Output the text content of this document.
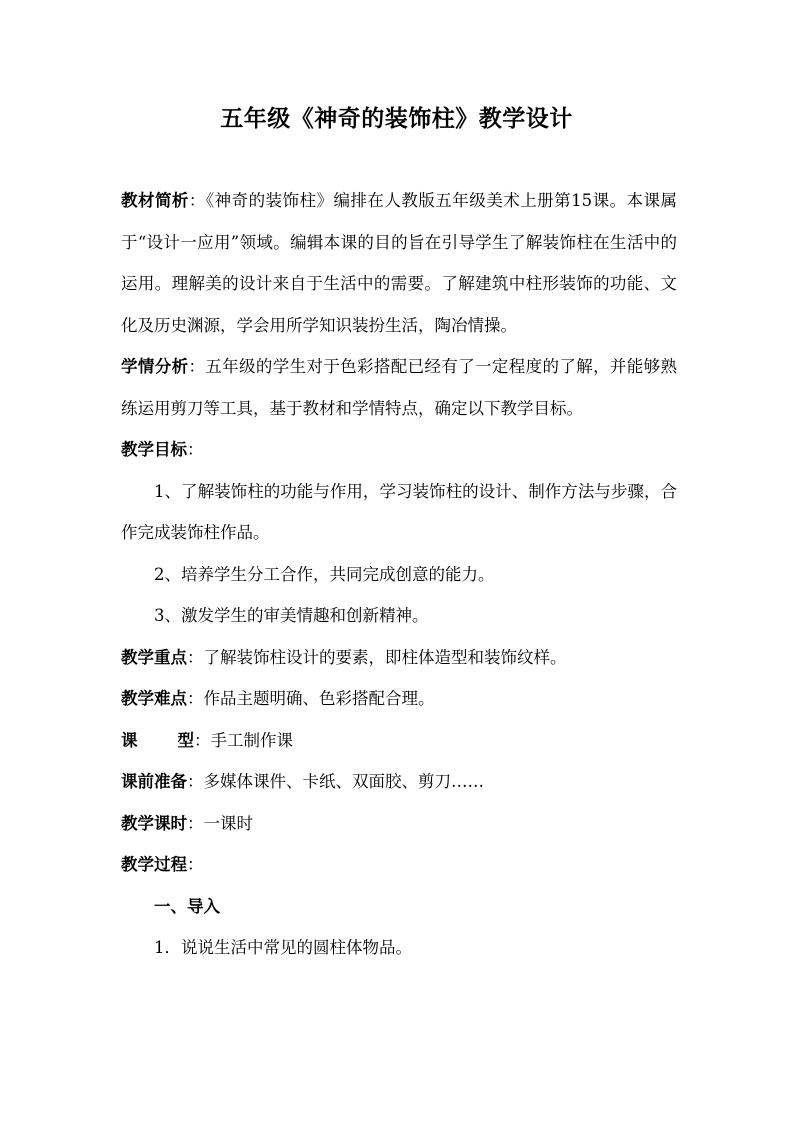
五年级《神奇的装饰柱》教学设计

教材简析：《神奇的装饰柱》编排在人教版五年级美术上册第15课。本课属于“设计一应用”领域。编辑本课的目的旨在引导学生了解装饰柱在生活中的运用。理解美的设计来自于生活中的需要。了解建筑中柱形装饰的功能、文化及历史渊源，学会用所学知识装扮生活，陶冶情操。

学情分析：五年级的学生对于色彩搭配已经有了一定程度的了解，并能够熟练运用剪刀等工具，基于教材和学情特点，确定以下教学目标。

教学目标：

1、了解装饰柱的功能与作用，学习装饰柱的设计、制作方法与步骤，合作完成装饰柱作品。

2、培养学生分工合作，共同完成创意的能力。

3、激发学生的审美情趣和创新精神。

教学重点：了解装饰柱设计的要素，即柱体造型和装饰纹样。

教学难点：作品主题明确、色彩搭配合理。

课 型：手工制作课

课前准备：多媒体课件、卡纸、双面胶、剪刀……

教学课时：一课时

教学过程：

一、导入

1．说说生活中常见的圆柱体物品。
